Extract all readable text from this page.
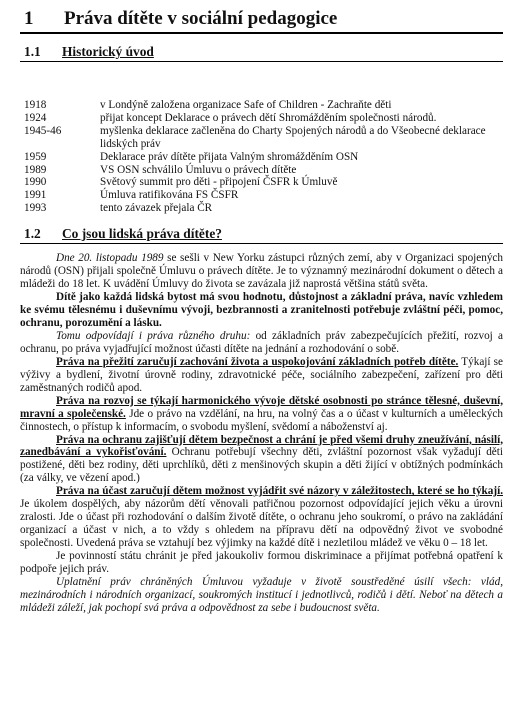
1	Práva dítěte v sociální pedagogice
1.1	Historický úvod
1918	v Londýně založena organizace Safe of Children - Zachraňte děti
1924	přijat koncept Deklarace o právech dětí Shromážděním společnosti národů.
1945-46	myšlenka deklarace začleněna do Charty Spojených národů a do Všeobecné deklarace lidských práv
1959	Deklarace práv dítěte přijata Valným shromážděním OSN
1989	VS OSN schválilo Úmluvu o právech dítěte
1990	Světový summit pro děti - připojení ČSFR k Úmluvě
1991	Úmluva ratifikována FS ČSFR
1993	tento závazek přejala ČR
1.2	Co jsou lidská práva dítěte?

Dne 20. listopadu 1989 se sešli v New Yorku zástupci různých zemí, aby v Organizaci spojených národů (OSN) přijali společně Úmluvu o právech dítěte. Je to významný mezinárodní dokument o dětech a mládeži do 18 let. K uvádění Úmluvy do života se zavázala již naprostá většina států světa.

Dítě jako každá lidská bytost má svou hodnotu, důstojnost a základní práva, navíc vzhledem ke svému tělesnému i duševnímu vývoji, bezbrannosti a zranitelnosti potřebuje zvláštní péči, pomoc, ochranu, porozumění a lásku.

Tomu odpovídají i práva různého druhu: od základních práv zabezpečujících přežití, rozvoj a ochranu, po práva vyjadřující možnost účasti dítěte na jednání a rozhodování o sobě.

Práva na přežití zaručují zachování života a uspokojování základních potřeb dítěte. Týkají se výživy a bydlení, životní úrovně rodiny, zdravotnické péče, sociálního zabezpečení, zařízení pro děti zaměstnaných rodičů apod.

Práva na rozvoj se týkají harmonického vývoje dětské osobnosti po stránce tělesné, duševní, mravní a společenské. Jde o právo na vzdělání, na hru, na volný čas a o účast v kulturních a uměleckých činnostech, o přístup k informacím, o svobodu myšlení, svědomí a náboženství aj.

Práva na ochranu zajišťují dětem bezpečnost a chrání je před všemi druhy zneužívání, násilí, zanedbávání a vykořisťování. Ochranu potřebují všechny děti, zvláštní pozornost však vyžadují děti postižené, děti bez rodiny, děti uprchlíků, děti z menšinových skupin a děti žijící v obtížných podmínkách (za války, ve vězení apod.)

Práva na účast zaručují dětem možnost vyjádřit své názory v záležitostech, které se ho týkají. Je úkolem dospělých, aby názorům dětí věnovali patřičnou pozornost odpovídající jejich věku a úrovni zralosti. Jde o účast při rozhodování o dalším životě dítěte, o ochranu jeho soukromí, o právo na zakládání organizací a účast v nich, a to vždy s ohledem na přípravu dětí na odpovědný život ve svobodné společnosti. Uvedená práva se vztahují bez výjimky na každé dítě i nezletilou mládež ve věku 0 – 18 let.

Je povinností státu chránit je před jakoukoliv formou diskriminace a přijímat potřebná opatření k podpoře jejich práv.

Uplatnění práv chráněných Úmluvou vyžaduje v životě soustředěné úsilí všech: vlád, mezinárodních i národních organizací, soukromých institucí i jednotlivců, rodičů i dětí. Neboť na dětech a mládeži záleží, jak pochopí svá práva a odpovědnost za sebe i budoucnost světa.
